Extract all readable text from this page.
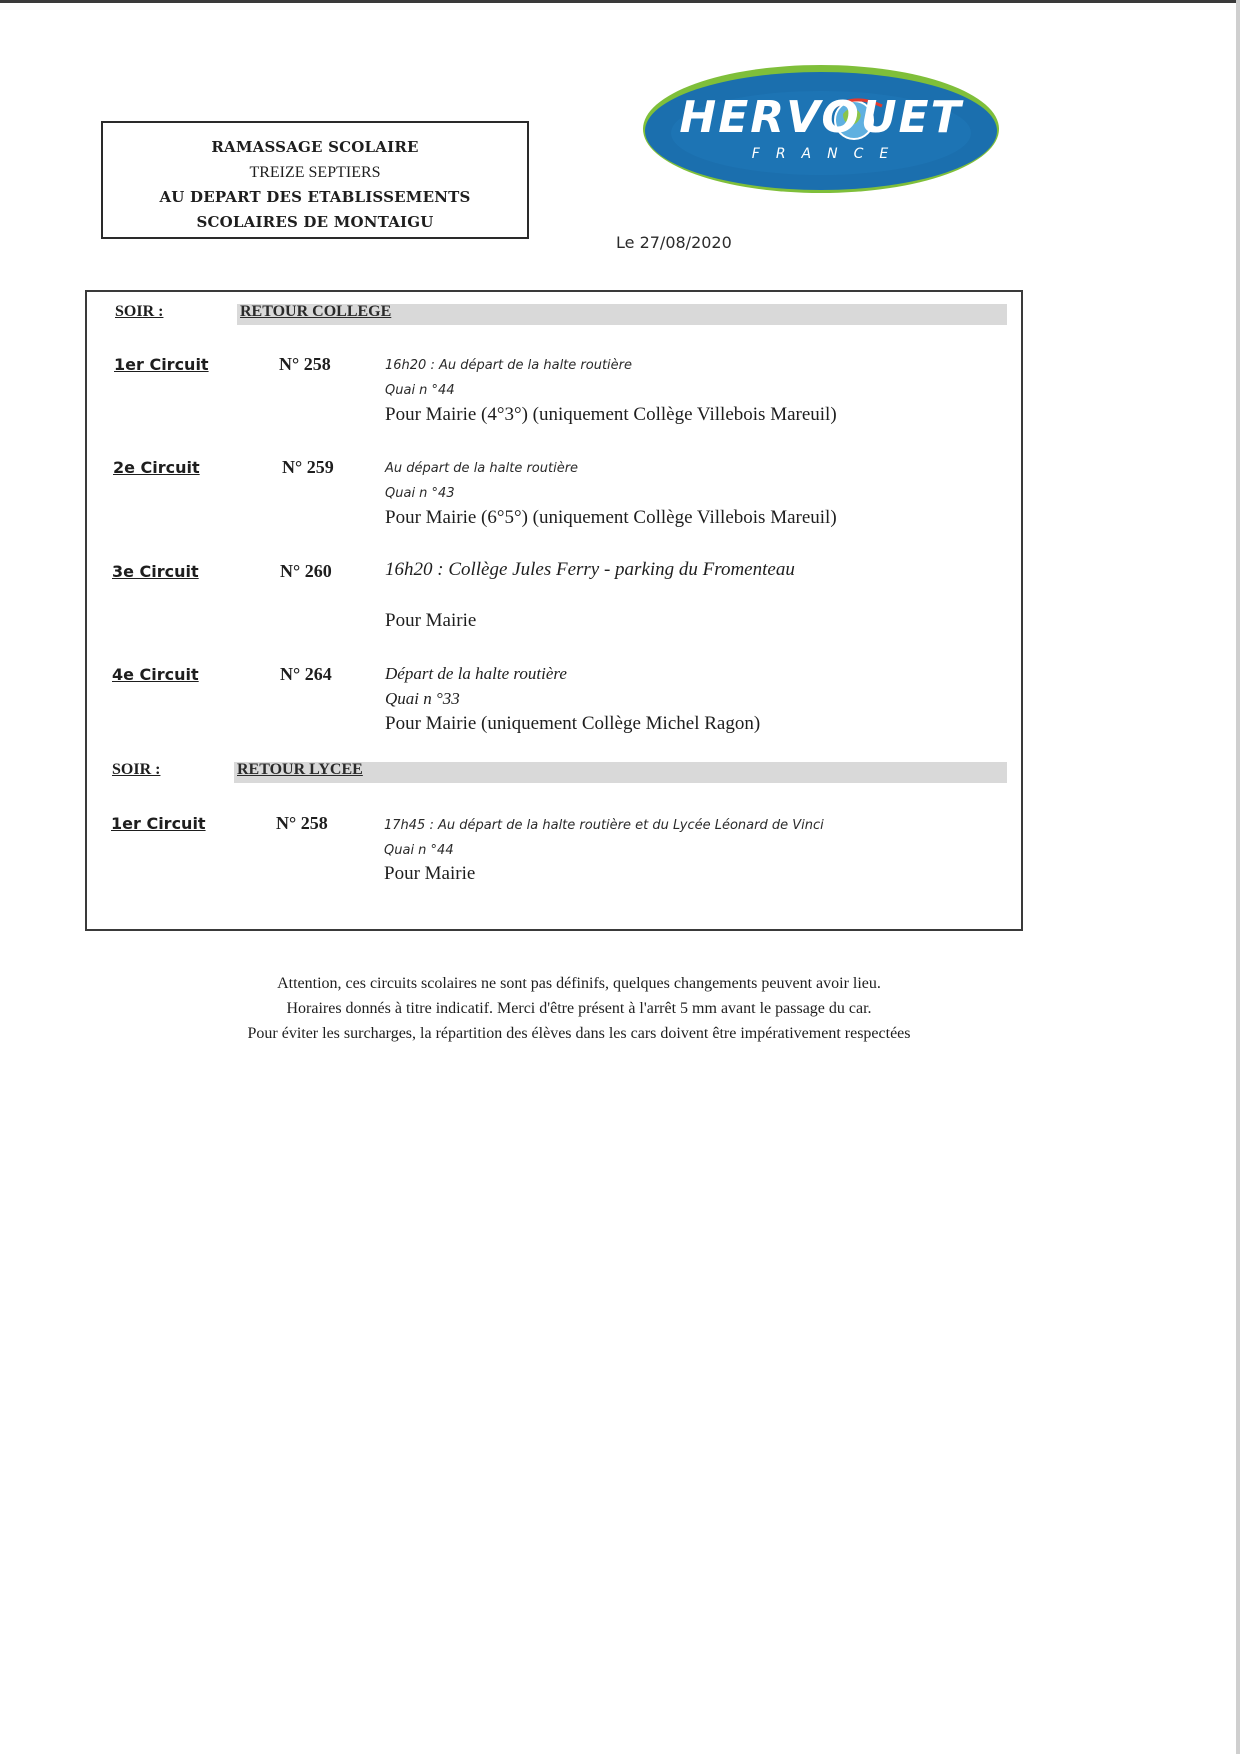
RAMASSAGE SCOLAIRE
TREIZE SEPTIERS
AU DEPART DES ETABLISSEMENTS
SCOLAIRES DE MONTAIGU
HERVOUET
FRANCE
Le 27/08/2020
SOIR :	RETOUR COLLEGE
1er Circuit	N° 258	16h20 : Au départ de la halte routière
Quai n °44
Pour Mairie (4°3°) (uniquement Collège Villebois Mareuil)
2e Circuit	N° 259	Au départ de la halte routière
Quai n °43
Pour Mairie (6°5°) (uniquement Collège Villebois Mareuil)
3e Circuit	N° 260	16h20 : Collège Jules Ferry - parking du Fromenteau
Pour Mairie
4e Circuit	N° 264	Départ de la halte routière
Quai n °33
Pour Mairie (uniquement Collège Michel Ragon)
SOIR :	RETOUR LYCEE
1er Circuit	N° 258	17h45 : Au départ de la halte routière et du Lycée Léonard de Vinci
Quai n °44
Pour Mairie
Attention, ces circuits scolaires ne sont pas définifs, quelques changements peuvent avoir lieu.
Horaires donnés à titre indicatif. Merci d'être présent à l'arrêt 5 mm avant le passage du car.
Pour éviter les surcharges, la répartition des élèves dans les cars doivent être impérativement respectées
